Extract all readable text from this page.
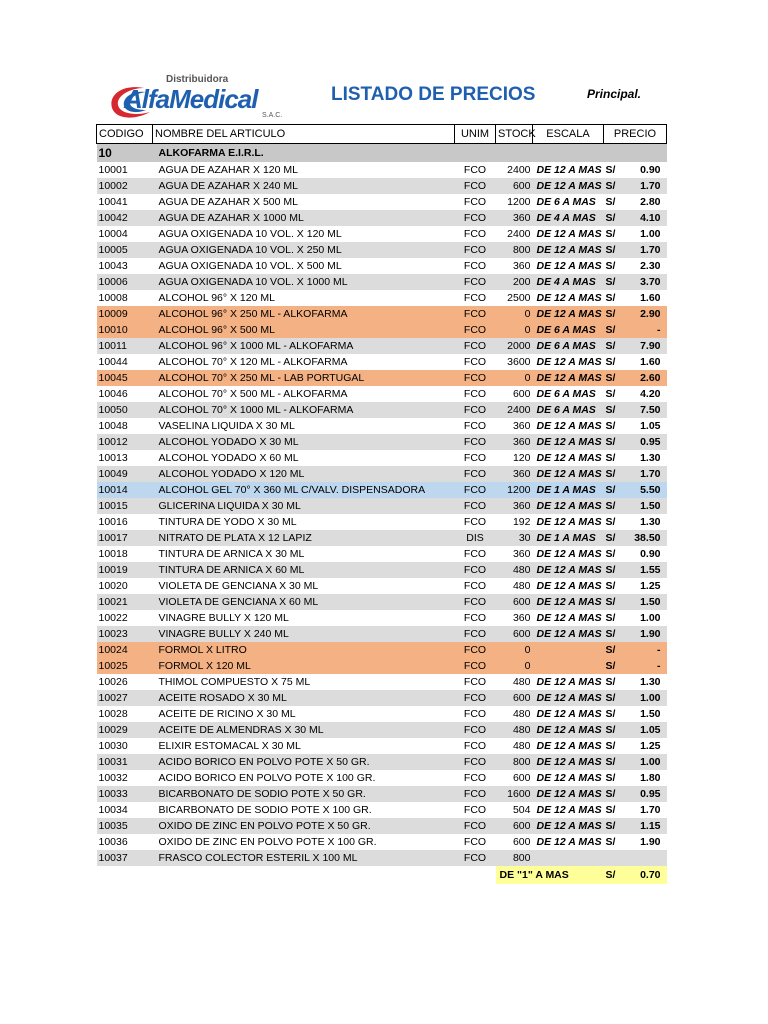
Distribuidora
AlfaMedical
S.A.C.
LISTADO DE PRECIOS	Principal.
CODIGO	NOMBRE DEL ARTICULO	UNIM	STOCK	ESCALA	PRECIO	
10	ALKOFARMA E.I.R.L.					
10001	AGUA DE AZAHAR X 120 ML	FCO	2400	DE 12 A MAS	S/	0.90
10002	AGUA DE AZAHAR X 240 ML	FCO	600	DE 12 A MAS	S/	1.70
10041	AGUA DE AZAHAR X 500 ML	FCO	1200	DE 6 A MAS	S/	2.80
10042	AGUA DE AZAHAR X 1000 ML	FCO	360	DE 4 A MAS	S/	4.10
10004	AGUA OXIGENADA 10 VOL. X 120 ML	FCO	2400	DE 12 A MAS	S/	1.00
10005	AGUA OXIGENADA 10 VOL. X 250 ML	FCO	800	DE 12 A MAS	S/	1.70
10043	AGUA OXIGENADA 10 VOL. X 500 ML	FCO	360	DE 12 A MAS	S/	2.30
10006	AGUA OXIGENADA 10 VOL. X 1000 ML	FCO	200	DE 4 A MAS	S/	3.70
10008	ALCOHOL 96° X 120 ML	FCO	2500	DE 12 A MAS	S/	1.60
10009	ALCOHOL 96° X 250 ML - ALKOFARMA	FCO	0	DE 12 A MAS	S/	2.90
10010	ALCOHOL 96° X 500 ML	FCO	0	DE 6 A MAS	S/	-
10011	ALCOHOL 96° X 1000 ML - ALKOFARMA	FCO	2000	DE 6 A MAS	S/	7.90
10044	ALCOHOL 70° X 120 ML - ALKOFARMA	FCO	3600	DE 12 A MAS	S/	1.60
10045	ALCOHOL 70° X 250 ML - LAB PORTUGAL	FCO	0	DE 12 A MAS	S/	2.60
10046	ALCOHOL 70° X 500 ML - ALKOFARMA	FCO	600	DE 6 A MAS	S/	4.20
10050	ALCOHOL 70° X 1000 ML - ALKOFARMA	FCO	2400	DE 6 A MAS	S/	7.50
10048	VASELINA LIQUIDA X 30 ML	FCO	360	DE 12 A MAS	S/	1.05
10012	ALCOHOL YODADO X 30 ML	FCO	360	DE 12 A MAS	S/	0.95
10013	ALCOHOL YODADO X 60 ML	FCO	120	DE 12 A MAS	S/	1.30
10049	ALCOHOL YODADO X 120 ML	FCO	360	DE 12 A MAS	S/	1.70
10014	ALCOHOL GEL 70° X 360 ML C/VALV. DISPENSADORA	FCO	1200	DE 1 A MAS	S/	5.50
10015	GLICERINA LIQUIDA X 30 ML	FCO	360	DE 12 A MAS	S/	1.50
10016	TINTURA DE YODO X 30 ML	FCO	192	DE 12 A MAS	S/	1.30
10017	NITRATO DE PLATA X 12 LAPIZ	DIS	30	DE 1 A MAS	S/	38.50
10018	TINTURA DE ARNICA X 30 ML	FCO	360	DE 12 A MAS	S/	0.90
10019	TINTURA DE ARNICA X 60 ML	FCO	480	DE 12 A MAS	S/	1.55
10020	VIOLETA DE GENCIANA X 30 ML	FCO	480	DE 12 A MAS	S/	1.25
10021	VIOLETA DE GENCIANA X 60 ML	FCO	600	DE 12 A MAS	S/	1.50
10022	VINAGRE BULLY X 120 ML	FCO	360	DE 12 A MAS	S/	1.00
10023	VINAGRE BULLY X 240 ML	FCO	600	DE 12 A MAS	S/	1.90
10024	FORMOL X LITRO	FCO	0		S/	-
10025	FORMOL X 120 ML	FCO	0		S/	-
10026	THIMOL COMPUESTO X 75 ML	FCO	480	DE 12 A MAS	S/	1.30
10027	ACEITE ROSADO X 30 ML	FCO	600	DE 12 A MAS	S/	1.00
10028	ACEITE DE RICINO X 30 ML	FCO	480	DE 12 A MAS	S/	1.50
10029	ACEITE DE ALMENDRAS X 30 ML	FCO	480	DE 12 A MAS	S/	1.05
10030	ELIXIR ESTOMACAL X 30 ML	FCO	480	DE 12 A MAS	S/	1.25
10031	ACIDO BORICO EN POLVO POTE X 50 GR.	FCO	800	DE 12 A MAS	S/	1.00
10032	ACIDO BORICO EN POLVO POTE X 100 GR.	FCO	600	DE 12 A MAS	S/	1.80
10033	BICARBONATO DE SODIO POTE X 50 GR.	FCO	1600	DE 12 A MAS	S/	0.95
10034	BICARBONATO DE SODIO POTE X 100 GR.	FCO	504	DE 12 A MAS	S/	1.70
10035	OXIDO DE ZINC EN POLVO POTE X 50 GR.	FCO	600	DE 12 A MAS	S/	1.15
10036	OXIDO DE ZINC EN POLVO POTE X 100 GR.	FCO	600	DE 12 A MAS	S/	1.90
10037	FRASCO COLECTOR ESTERIL X 100 ML	FCO	800			
			DE "1" A MAS		S/	0.70
